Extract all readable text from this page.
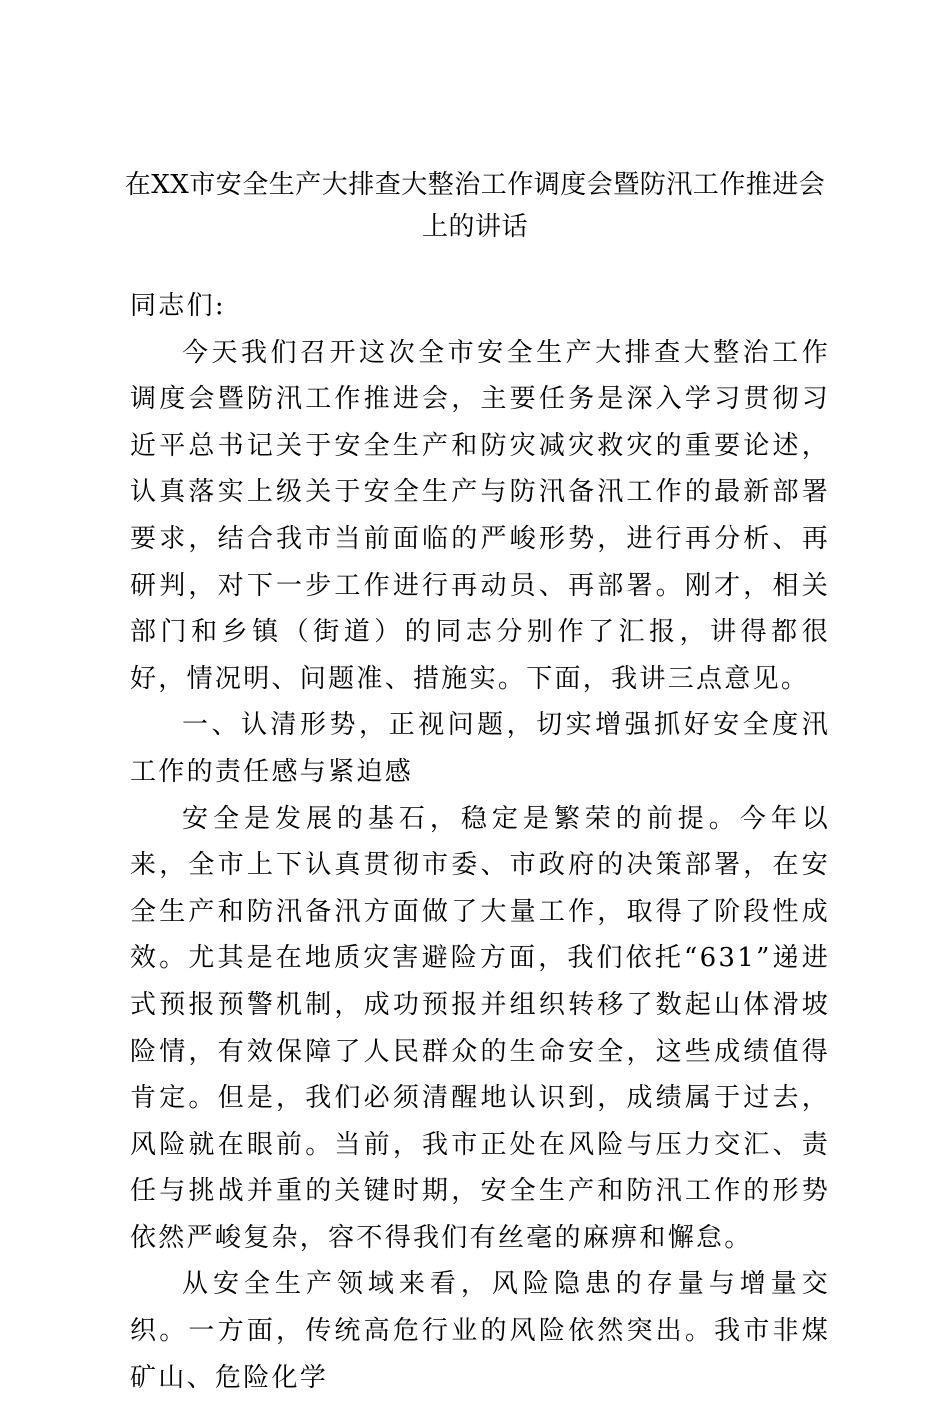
在XX市安全生产大排查大整治工作调度会暨防汛工作推进会上的讲话

同志们:

今天我们召开这次全市安全生产大排查大整治工作调度会暨防汛工作推进会，主要任务是深入学习贯彻习近平总书记关于安全生产和防灾减灾救灾的重要论述，认真落实上级关于安全生产与防汛备汛工作的最新部署要求，结合我市当前面临的严峻形势，进行再分析、再研判，对下一步工作进行再动员、再部署。刚才，相关部门和乡镇（街道）的同志分别作了汇报，讲得都很好，情况明、问题准、措施实。下面，我讲三点意见。

一、认清形势，正视问题，切实增强抓好安全度汛工作的责任感与紧迫感

安全是发展的基石，稳定是繁荣的前提。今年以来，全市上下认真贯彻市委、市政府的决策部署，在安全生产和防汛备汛方面做了大量工作，取得了阶段性成效。尤其是在地质灾害避险方面，我们依托“631”递进式预报预警机制，成功预报并组织转移了数起山体滑坡险情，有效保障了人民群众的生命安全，这些成绩值得肯定。但是，我们必须清醒地认识到，成绩属于过去，风险就在眼前。当前，我市正处在风险与压力交汇、责任与挑战并重的关键时期，安全生产和防汛工作的形势依然严峻复杂，容不得我们有丝毫的麻痹和懈怠。

从安全生产领域来看，风险隐患的存量与增量交织。一方面，传统高危行业的风险依然突出。我市非煤矿山、危险化学
